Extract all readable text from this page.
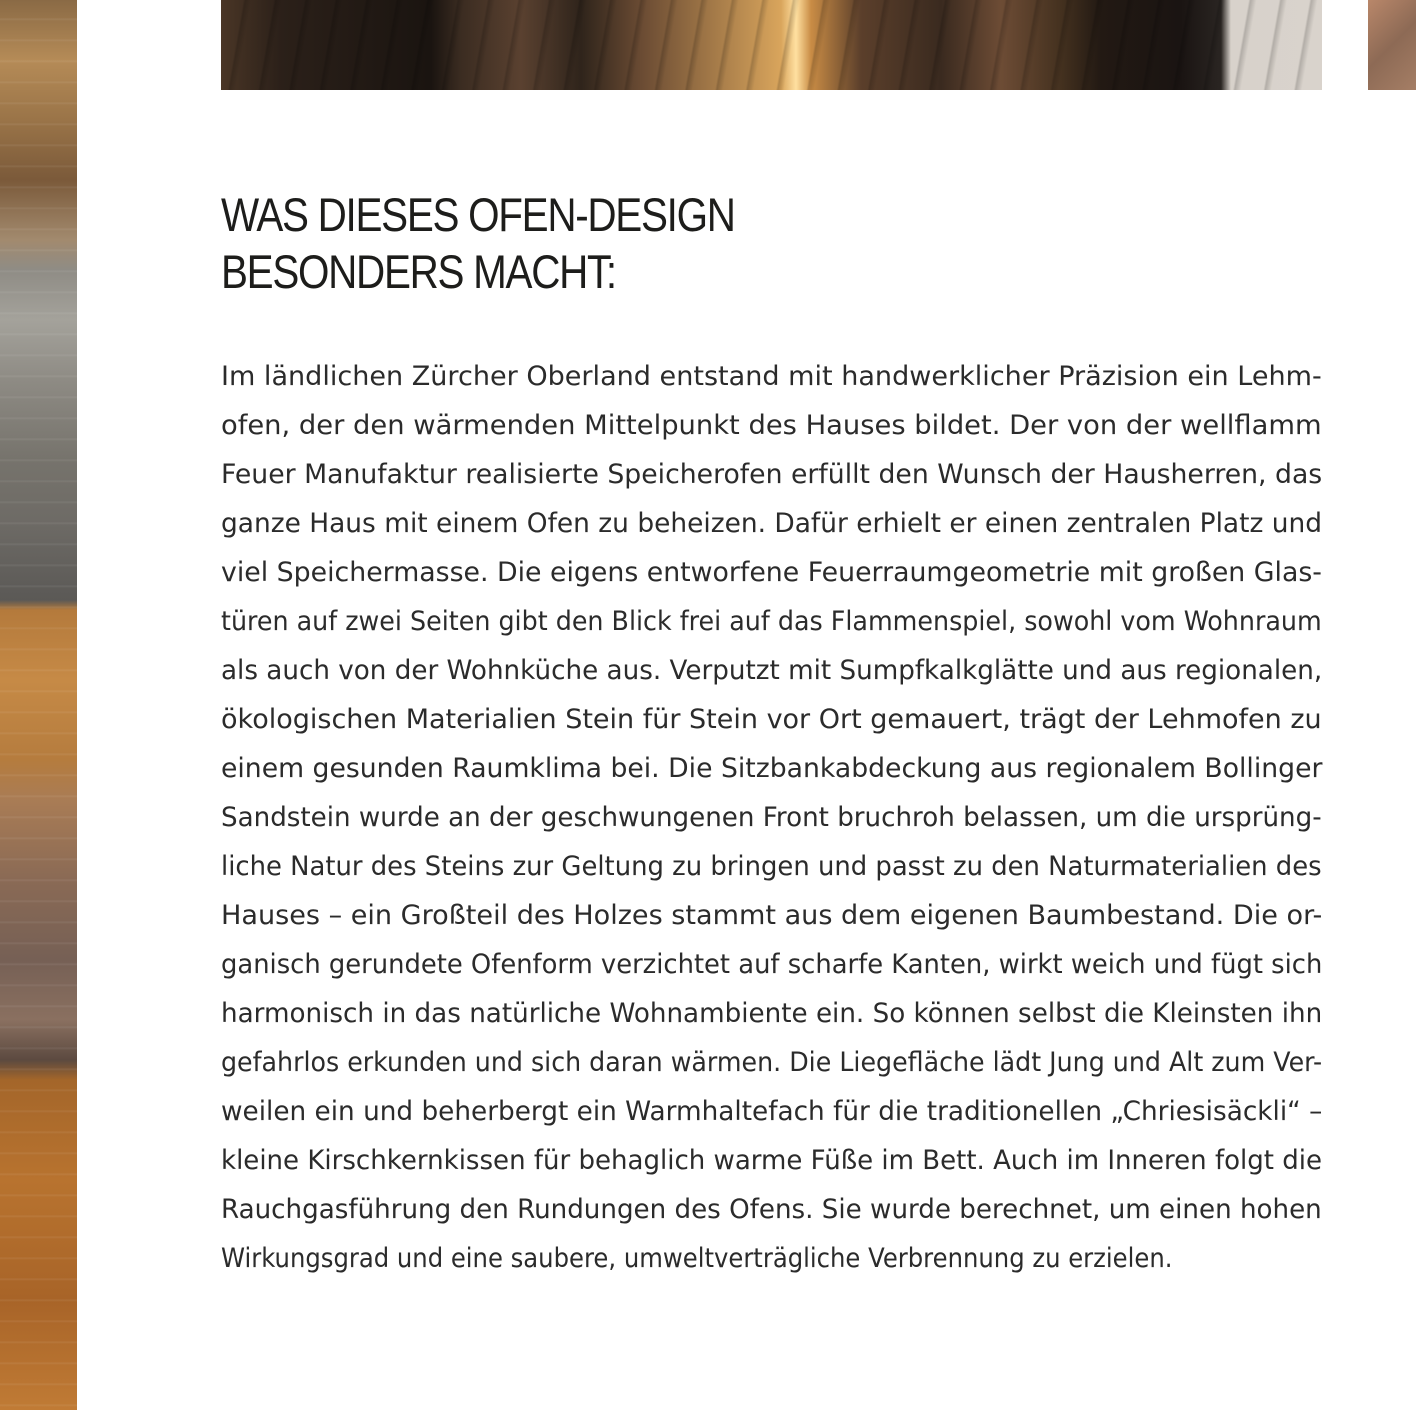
WAS DIESES OFEN-DESIGN
BESONDERS MACHT:
Im ländlichen Zürcher Oberland entstand mit handwerklicher Präzision ein Lehm-
ofen, der den wärmenden Mittelpunkt des Hauses bildet. Der von der wellflamm
Feuer Manufaktur realisierte Speicherofen erfüllt den Wunsch der Hausherren, das
ganze Haus mit einem Ofen zu beheizen. Dafür erhielt er einen zentralen Platz und
viel Speichermasse. Die eigens entworfene Feuerraumgeometrie mit großen Glas-
türen auf zwei Seiten gibt den Blick frei auf das Flammenspiel, sowohl vom Wohnraum
als auch von der Wohnküche aus. Verputzt mit Sumpfkalkglätte und aus regionalen,
ökologischen Materialien Stein für Stein vor Ort gemauert, trägt der Lehmofen zu
einem gesunden Raumklima bei. Die Sitzbankabdeckung aus regionalem Bollinger
Sandstein wurde an der geschwungenen Front bruchroh belassen, um die ursprüng-
liche Natur des Steins zur Geltung zu bringen und passt zu den Naturmaterialien des
Hauses – ein Großteil des Holzes stammt aus dem eigenen Baumbestand. Die or-
ganisch gerundete Ofenform verzichtet auf scharfe Kanten, wirkt weich und fügt sich
harmonisch in das natürliche Wohnambiente ein. So können selbst die Kleinsten ihn
gefahrlos erkunden und sich daran wärmen. Die Liegefläche lädt Jung und Alt zum Ver-
weilen ein und beherbergt ein Warmhaltefach für die traditionellen „Chriesisäckli“ –
kleine Kirschkernkissen für behaglich warme Füße im Bett. Auch im Inneren folgt die
Rauchgasführung den Rundungen des Ofens. Sie wurde berechnet, um einen hohen
Wirkungsgrad und eine saubere, umweltverträgliche Verbrennung zu erzielen.
